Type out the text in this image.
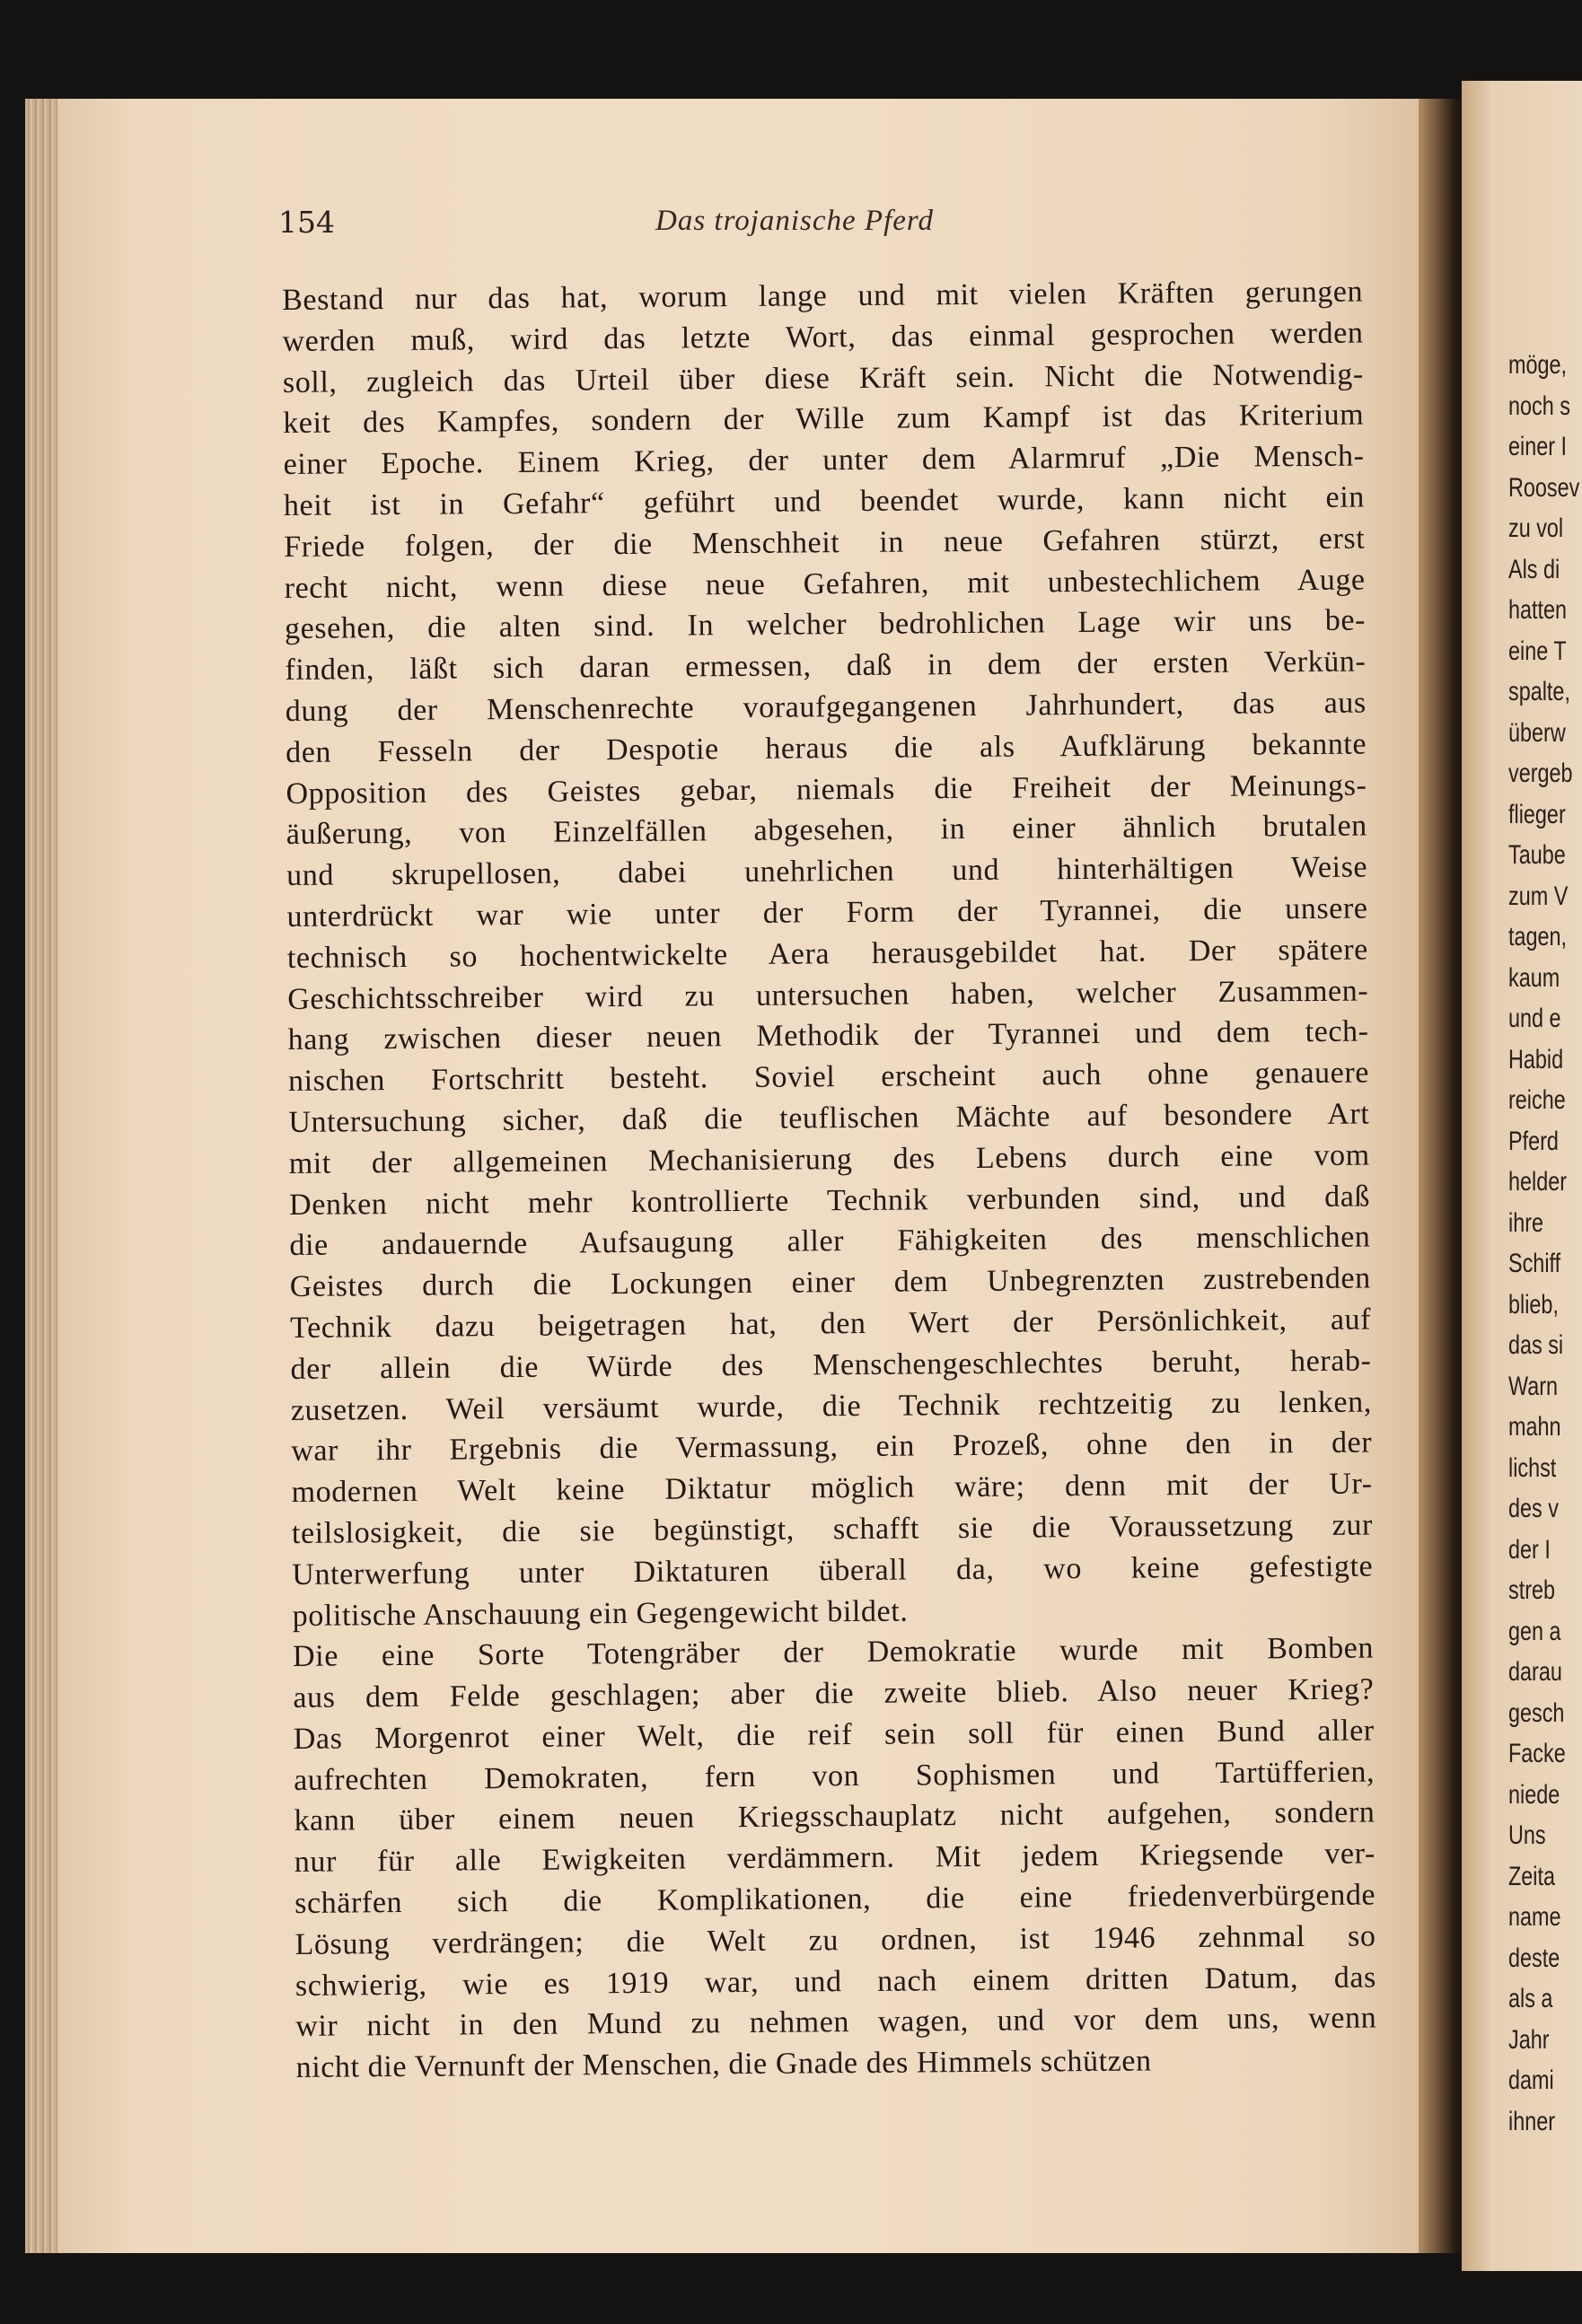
möge,
noch s
einer I
Roosev
zu vol
Als di
hatten
eine T
spalte,
überw
vergeb
flieger
Taube
zum V
tagen,
kaum
und e
Habid
reiche
Pferd
helder
ihre
Schiff
blieb,
das si
Warn
mahn
lichst
des v
der I
streb
gen a
darau
gesch
Facke
niede
Uns
Zeita
name
deste
als a
Jahr
dami
ihner
154	Das trojanische Pferd
Bestand nur das hat, worum lange und mit vielen Kräften gerungen
werden muß, wird das letzte Wort, das einmal gesprochen werden
soll, zugleich das Urteil über diese Kräft sein. Nicht die Notwendig-
keit des Kampfes, sondern der Wille zum Kampf ist das Kriterium
einer Epoche. Einem Krieg, der unter dem Alarmruf „Die Mensch-
heit ist in Gefahr“ geführt und beendet wurde, kann nicht ein
Friede folgen, der die Menschheit in neue Gefahren stürzt, erst
recht nicht, wenn diese neue Gefahren, mit unbestechlichem Auge
gesehen, die alten sind. In welcher bedrohlichen Lage wir uns be-
finden, läßt sich daran ermessen, daß in dem der ersten Verkün-
dung der Menschenrechte voraufgegangenen Jahrhundert, das aus
den Fesseln der Despotie heraus die als Aufklärung bekannte
Opposition des Geistes gebar, niemals die Freiheit der Meinungs-
äußerung, von Einzelfällen abgesehen, in einer ähnlich brutalen
und skrupellosen, dabei unehrlichen und hinterhältigen Weise
unterdrückt war wie unter der Form der Tyrannei, die unsere
technisch so hochentwickelte Aera herausgebildet hat. Der spätere
Geschichtsschreiber wird zu untersuchen haben, welcher Zusammen-
hang zwischen dieser neuen Methodik der Tyrannei und dem tech-
nischen Fortschritt besteht. Soviel erscheint auch ohne genauere
Untersuchung sicher, daß die teuflischen Mächte auf besondere Art
mit der allgemeinen Mechanisierung des Lebens durch eine vom
Denken nicht mehr kontrollierte Technik verbunden sind, und daß
die andauernde Aufsaugung aller Fähigkeiten des menschlichen
Geistes durch die Lockungen einer dem Unbegrenzten zustrebenden
Technik dazu beigetragen hat, den Wert der Persönlichkeit, auf
der allein die Würde des Menschengeschlechtes beruht, herab-
zusetzen. Weil versäumt wurde, die Technik rechtzeitig zu lenken,
war ihr Ergebnis die Vermassung, ein Prozeß, ohne den in der
modernen Welt keine Diktatur möglich wäre; denn mit der Ur-
teilslosigkeit, die sie begünstigt, schafft sie die Voraussetzung zur
Unterwerfung unter Diktaturen überall da, wo keine gefestigte
politische Anschauung ein Gegengewicht bildet.
Die eine Sorte Totengräber der Demokratie wurde mit Bomben
aus dem Felde geschlagen; aber die zweite blieb. Also neuer Krieg?
Das Morgenrot einer Welt, die reif sein soll für einen Bund aller
aufrechten Demokraten, fern von Sophismen und Tartüfferien,
kann über einem neuen Kriegsschauplatz nicht aufgehen, sondern
nur für alle Ewigkeiten verdämmern. Mit jedem Kriegsende ver-
schärfen sich die Komplikationen, die eine friedenverbürgende
Lösung verdrängen; die Welt zu ordnen, ist 1946 zehnmal so
schwierig, wie es 1919 war, und nach einem dritten Datum, das
wir nicht in den Mund zu nehmen wagen, und vor dem uns, wenn
nicht die Vernunft der Menschen, die Gnade des Himmels schützen
